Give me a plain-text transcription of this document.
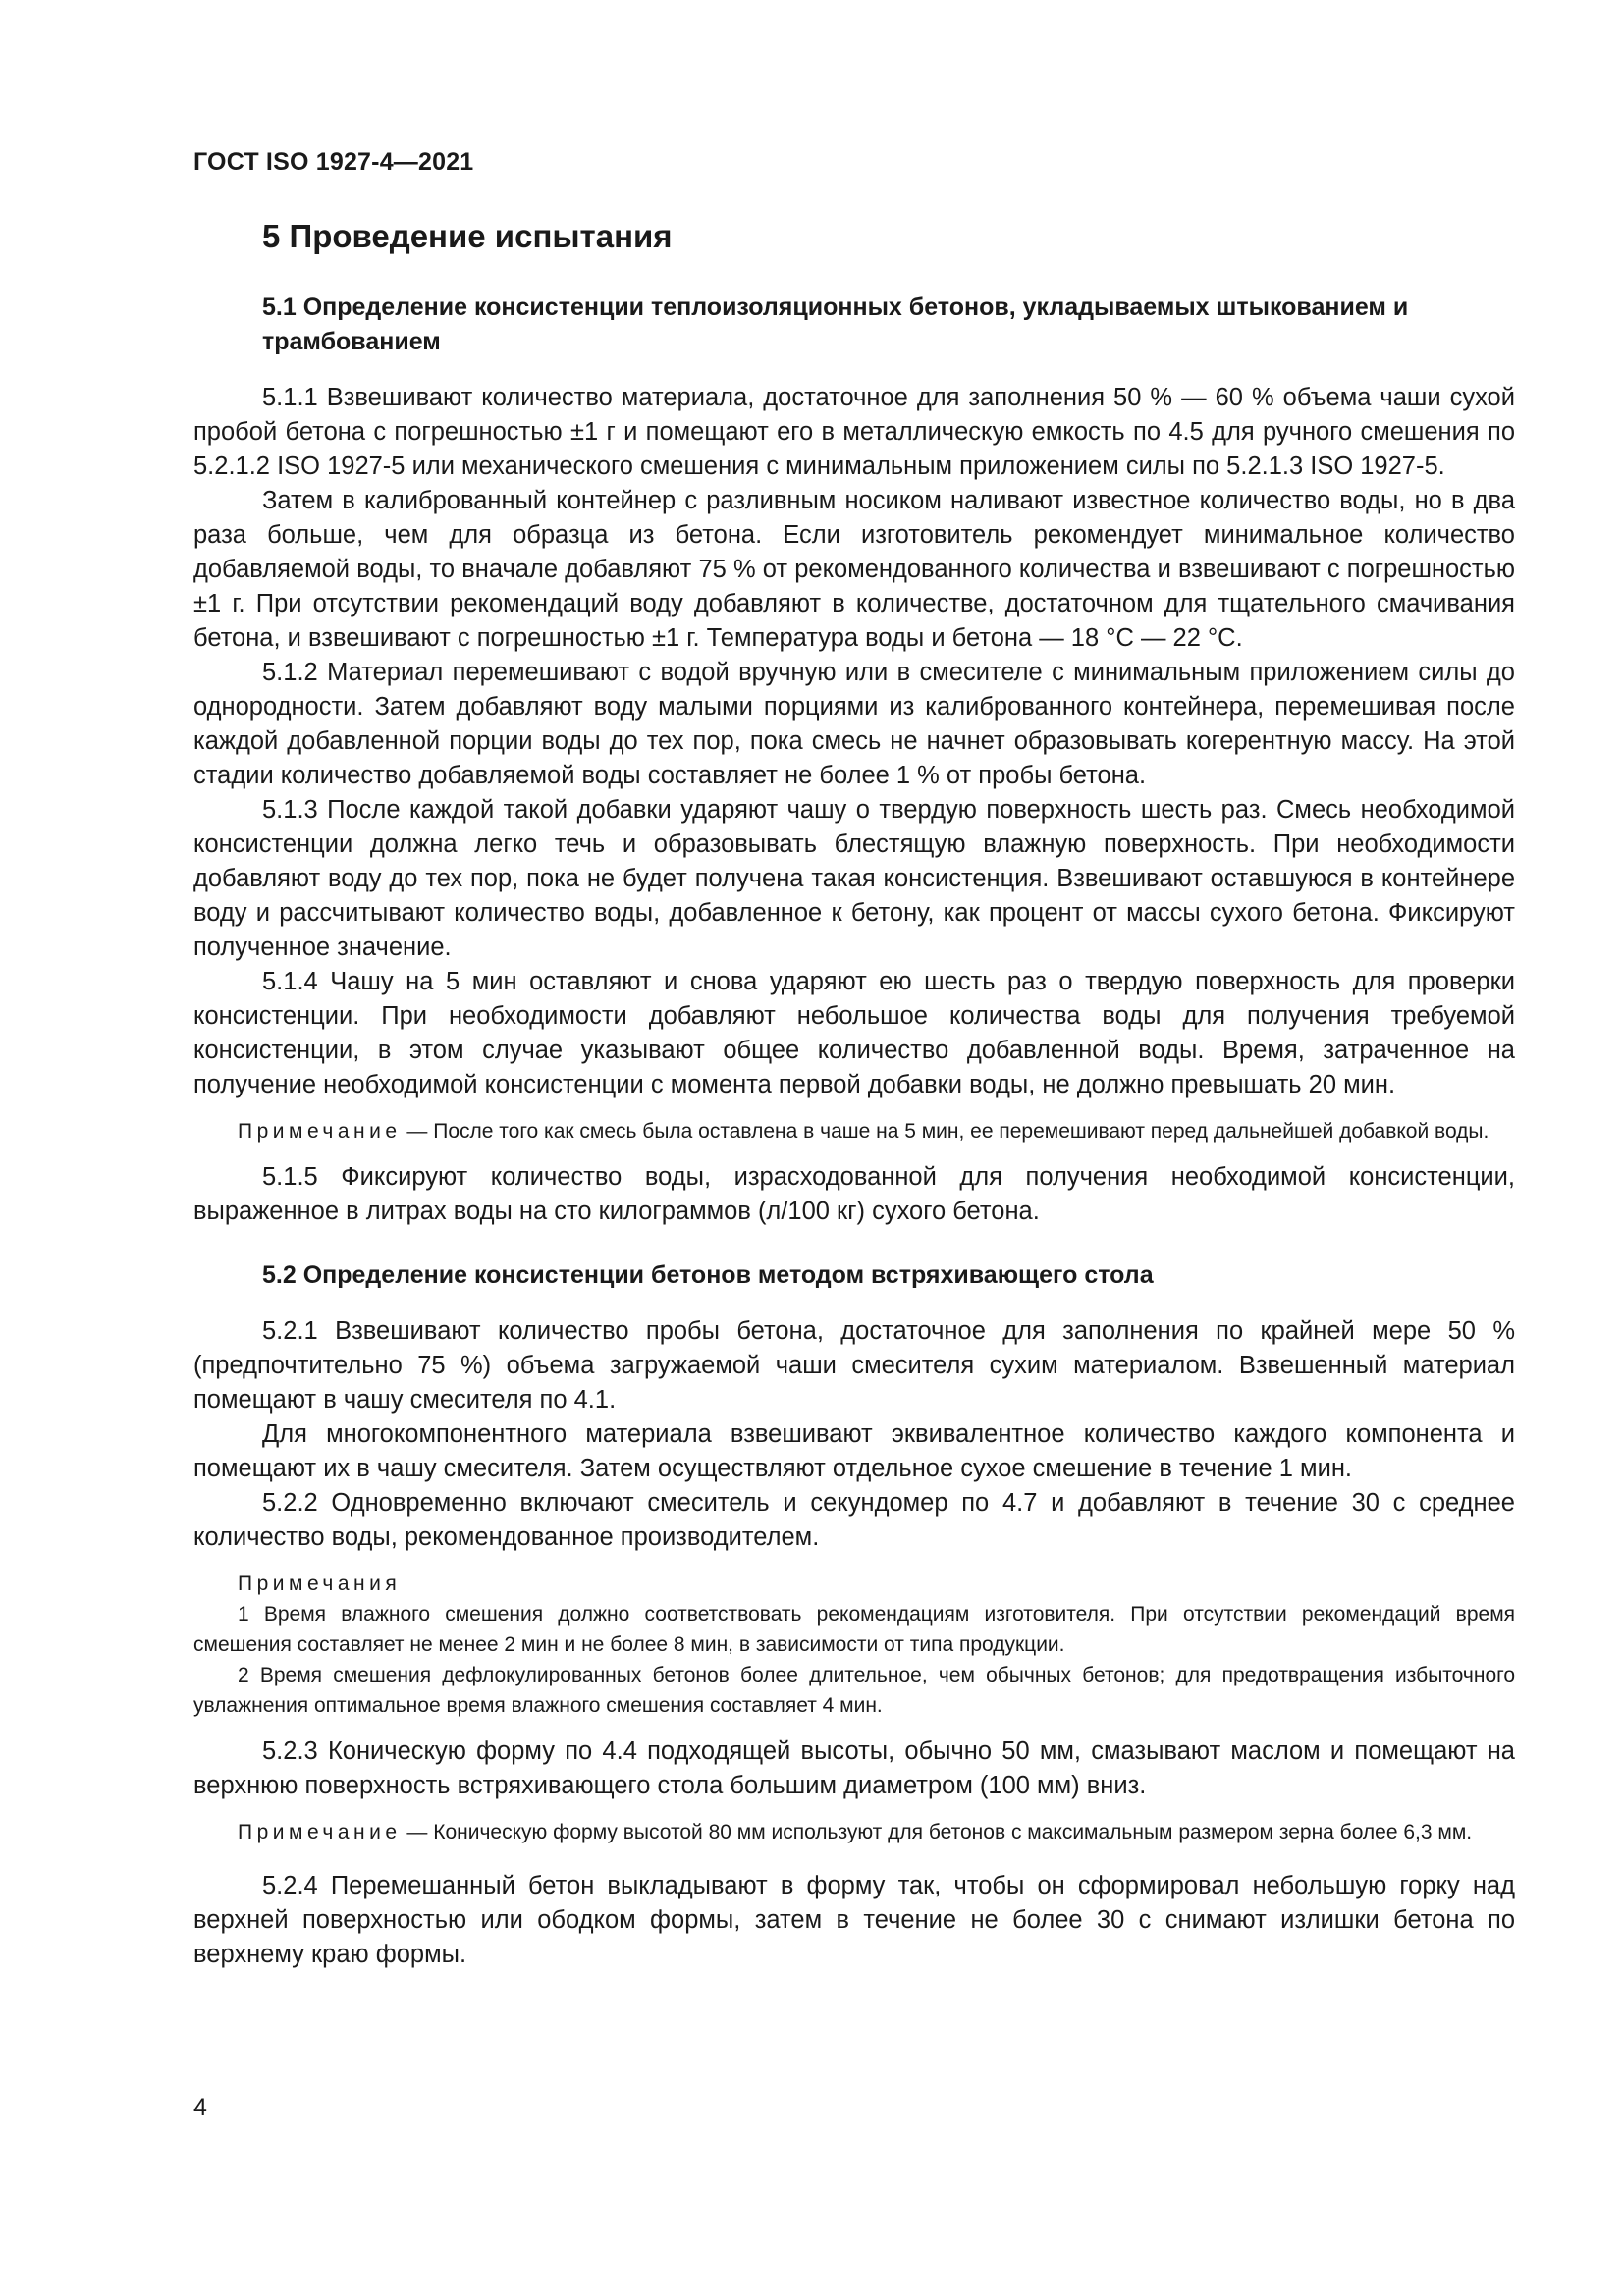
ГОСТ ISO 1927-4—2021
5 Проведение испытания
5.1 Определение консистенции теплоизоляционных бетонов, укладываемых штыкованием и трамбованием

5.1.1 Взвешивают количество материала, достаточное для заполнения 50 % — 60 % объема чаши сухой пробой бетона с погрешностью ±1 г и помещают его в металлическую емкость по 4.5 для ручного смешения по 5.2.1.2 ISO 1927-5 или механического смешения с минимальным приложением силы по 5.2.1.3 ISO 1927-5.

Затем в калиброванный контейнер с разливным носиком наливают известное количество воды, но в два раза больше, чем для образца из бетона. Если изготовитель рекомендует минимальное количество добавляемой воды, то вначале добавляют 75 % от рекомендованного количества и взвешивают с погрешностью ±1 г. При отсутствии рекомендаций воду добавляют в количестве, достаточном для тщательного смачивания бетона, и взвешивают с погрешностью ±1 г. Температура воды и бетона — 18 °С — 22 °С.

5.1.2 Материал перемешивают с водой вручную или в смесителе с минимальным приложением силы до однородности. Затем добавляют воду малыми порциями из калиброванного контейнера, перемешивая после каждой добавленной порции воды до тех пор, пока смесь не начнет образовывать когерентную массу. На этой стадии количество добавляемой воды составляет не более 1 % от пробы бетона.

5.1.3 После каждой такой добавки ударяют чашу о твердую поверхность шесть раз. Смесь необходимой консистенции должна легко течь и образовывать блестящую влажную поверхность. При необходимости добавляют воду до тех пор, пока не будет получена такая консистенция. Взвешивают оставшуюся в контейнере воду и рассчитывают количество воды, добавленное к бетону, как процент от массы сухого бетона. Фиксируют полученное значение.

5.1.4 Чашу на 5 мин оставляют и снова ударяют ею шесть раз о твердую поверхность для проверки консистенции. При необходимости добавляют небольшое количества воды для получения требуемой консистенции, в этом случае указывают общее количество добавленной воды. Время, затраченное на получение необходимой консистенции с момента первой добавки воды, не должно превышать 20 мин.

Примечание — После того как смесь была оставлена в чаше на 5 мин, ее перемешивают перед дальнейшей добавкой воды.

5.1.5 Фиксируют количество воды, израсходованной для получения необходимой консистенции, выраженное в литрах воды на сто килограммов (л/100 кг) сухого бетона.

5.2 Определение консистенции бетонов методом встряхивающего стола

5.2.1 Взвешивают количество пробы бетона, достаточное для заполнения по крайней мере 50 % (предпочтительно 75 %) объема загружаемой чаши смесителя сухим материалом. Взвешенный материал помещают в чашу смесителя по 4.1.

Для многокомпонентного материала взвешивают эквивалентное количество каждого компонента и помещают их в чашу смесителя. Затем осуществляют отдельное сухое смешение в течение 1 мин.

5.2.2 Одновременно включают смеситель и секундомер по 4.7 и добавляют в течение 30 с среднее количество воды, рекомендованное производителем.

Примечания

1 Время влажного смешения должно соответствовать рекомендациям изготовителя. При отсутствии рекомендаций время смешения составляет не менее 2 мин и не более 8 мин, в зависимости от типа продукции.

2 Время смешения дефлокулированных бетонов более длительное, чем обычных бетонов; для предотвращения избыточного увлажнения оптимальное время влажного смешения составляет 4 мин.

5.2.3 Коническую форму по 4.4 подходящей высоты, обычно 50 мм, смазывают маслом и помещают на верхнюю поверхность встряхивающего стола большим диаметром (100 мм) вниз.

Примечание — Коническую форму высотой 80 мм используют для бетонов с максимальным размером зерна более 6,3 мм.

5.2.4 Перемешанный бетон выкладывают в форму так, чтобы он сформировал небольшую горку над верхней поверхностью или ободком формы, затем в течение не более 30 с снимают излишки бетона по верхнему краю формы.

4
